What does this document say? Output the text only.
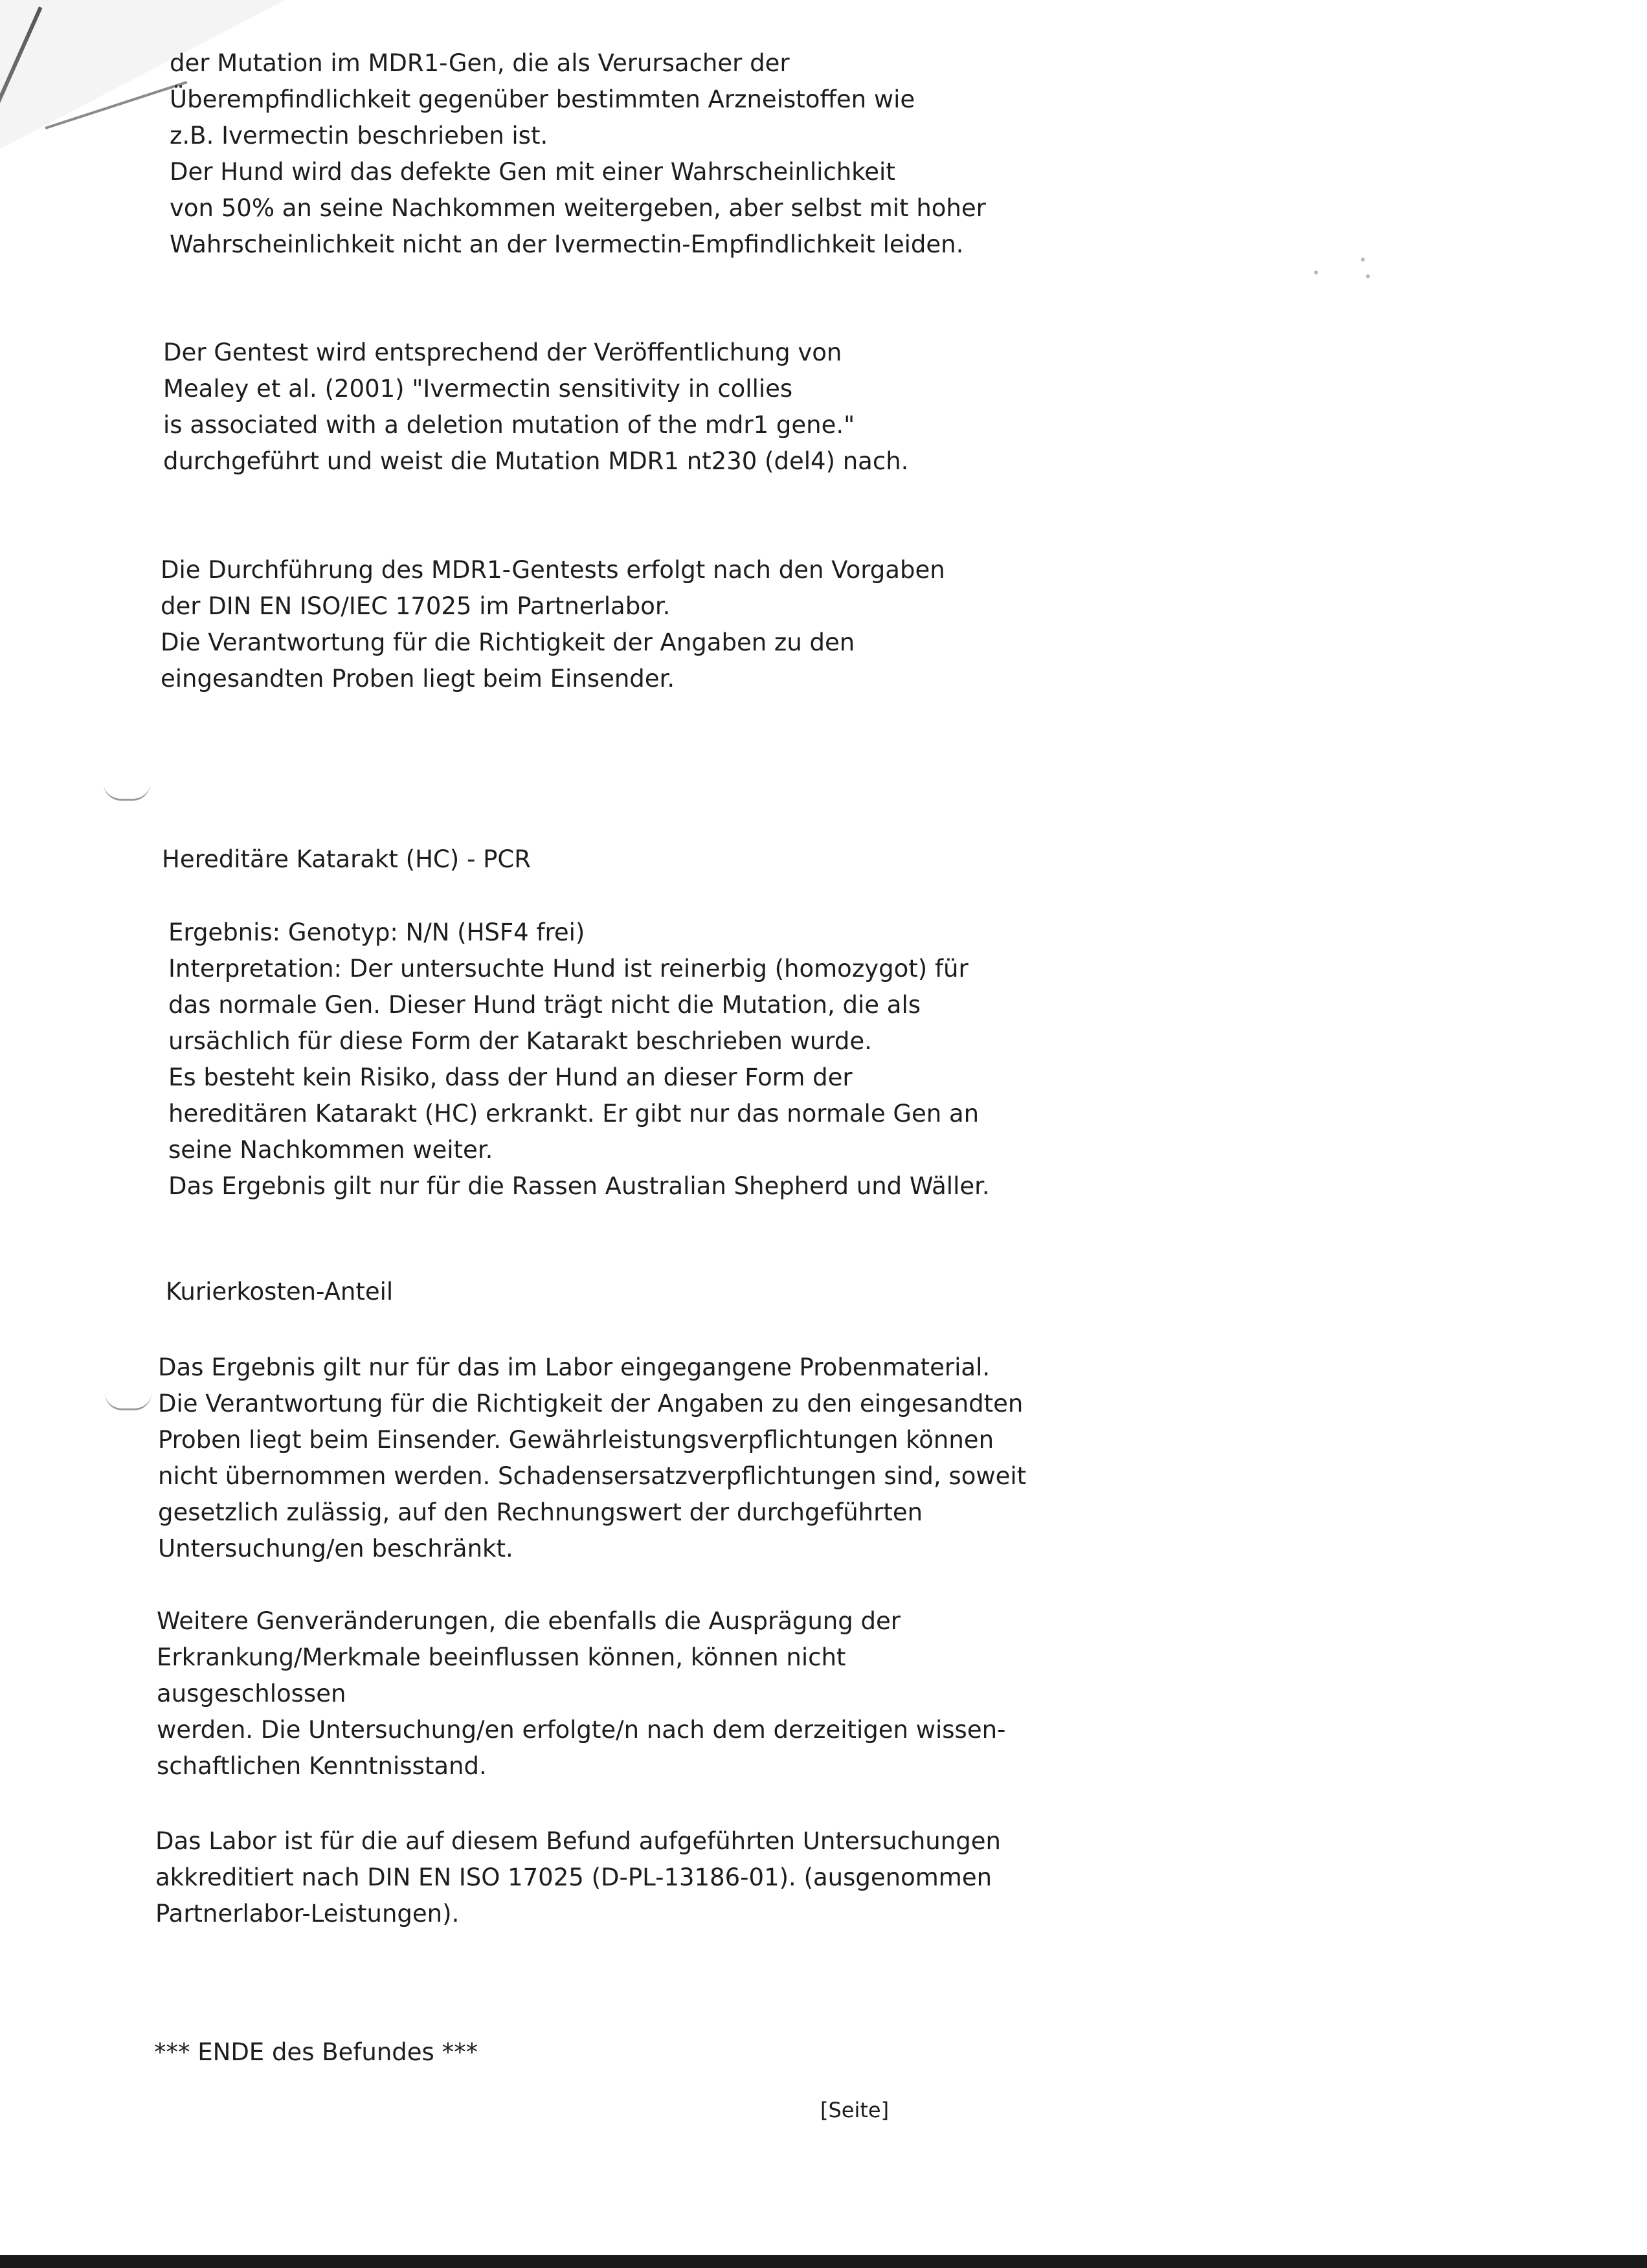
der Mutation im MDR1-Gen, die als Verursacher der
Überempfindlichkeit gegenüber bestimmten Arzneistoffen wie
z.B. Ivermectin beschrieben ist.
Der Hund wird das defekte Gen mit einer Wahrscheinlichkeit
von 50% an seine Nachkommen weitergeben, aber selbst mit hoher
Wahrscheinlichkeit nicht an der Ivermectin-Empfindlichkeit leiden.
Der Gentest wird entsprechend der Veröffentlichung von
Mealey et al. (2001) "Ivermectin sensitivity in collies
is associated with a deletion mutation of the mdr1 gene."
durchgeführt und weist die Mutation MDR1 nt230 (del4) nach.
Die Durchführung des MDR1-Gentests erfolgt nach den Vorgaben
der DIN EN ISO/IEC 17025 im Partnerlabor.
Die Verantwortung für die Richtigkeit der Angaben zu den
eingesandten Proben liegt beim Einsender.
Hereditäre Katarakt (HC) - PCR
Ergebnis: Genotyp: N/N (HSF4 frei)
Interpretation: Der untersuchte Hund ist reinerbig (homozygot) für
das normale Gen. Dieser Hund trägt nicht die Mutation, die als
ursächlich für diese Form der Katarakt beschrieben wurde.
Es besteht kein Risiko, dass der Hund an dieser Form der
hereditären Katarakt (HC) erkrankt. Er gibt nur das normale Gen an
seine Nachkommen weiter.
Das Ergebnis gilt nur für die Rassen Australian Shepherd und Wäller.
Kurierkosten-Anteil
Das Ergebnis gilt nur für das im Labor eingegangene Probenmaterial.
Die Verantwortung für die Richtigkeit der Angaben zu den eingesandten
Proben liegt beim Einsender. Gewährleistungsverpflichtungen können
nicht übernommen werden. Schadensersatzverpflichtungen sind, soweit
gesetzlich zulässig, auf den Rechnungswert der durchgeführten
Untersuchung/en beschränkt.
Weitere Genveränderungen, die ebenfalls die Ausprägung der
Erkrankung/Merkmale beeinflussen können, können nicht
ausgeschlossen
werden. Die Untersuchung/en erfolgte/n nach dem derzeitigen wissen-
schaftlichen Kenntnisstand.
Das Labor ist für die auf diesem Befund aufgeführten Untersuchungen
akkreditiert nach DIN EN ISO 17025 (D-PL-13186-01). (ausgenommen
Partnerlabor-Leistungen).
*** ENDE des Befundes ***
[Seite]
